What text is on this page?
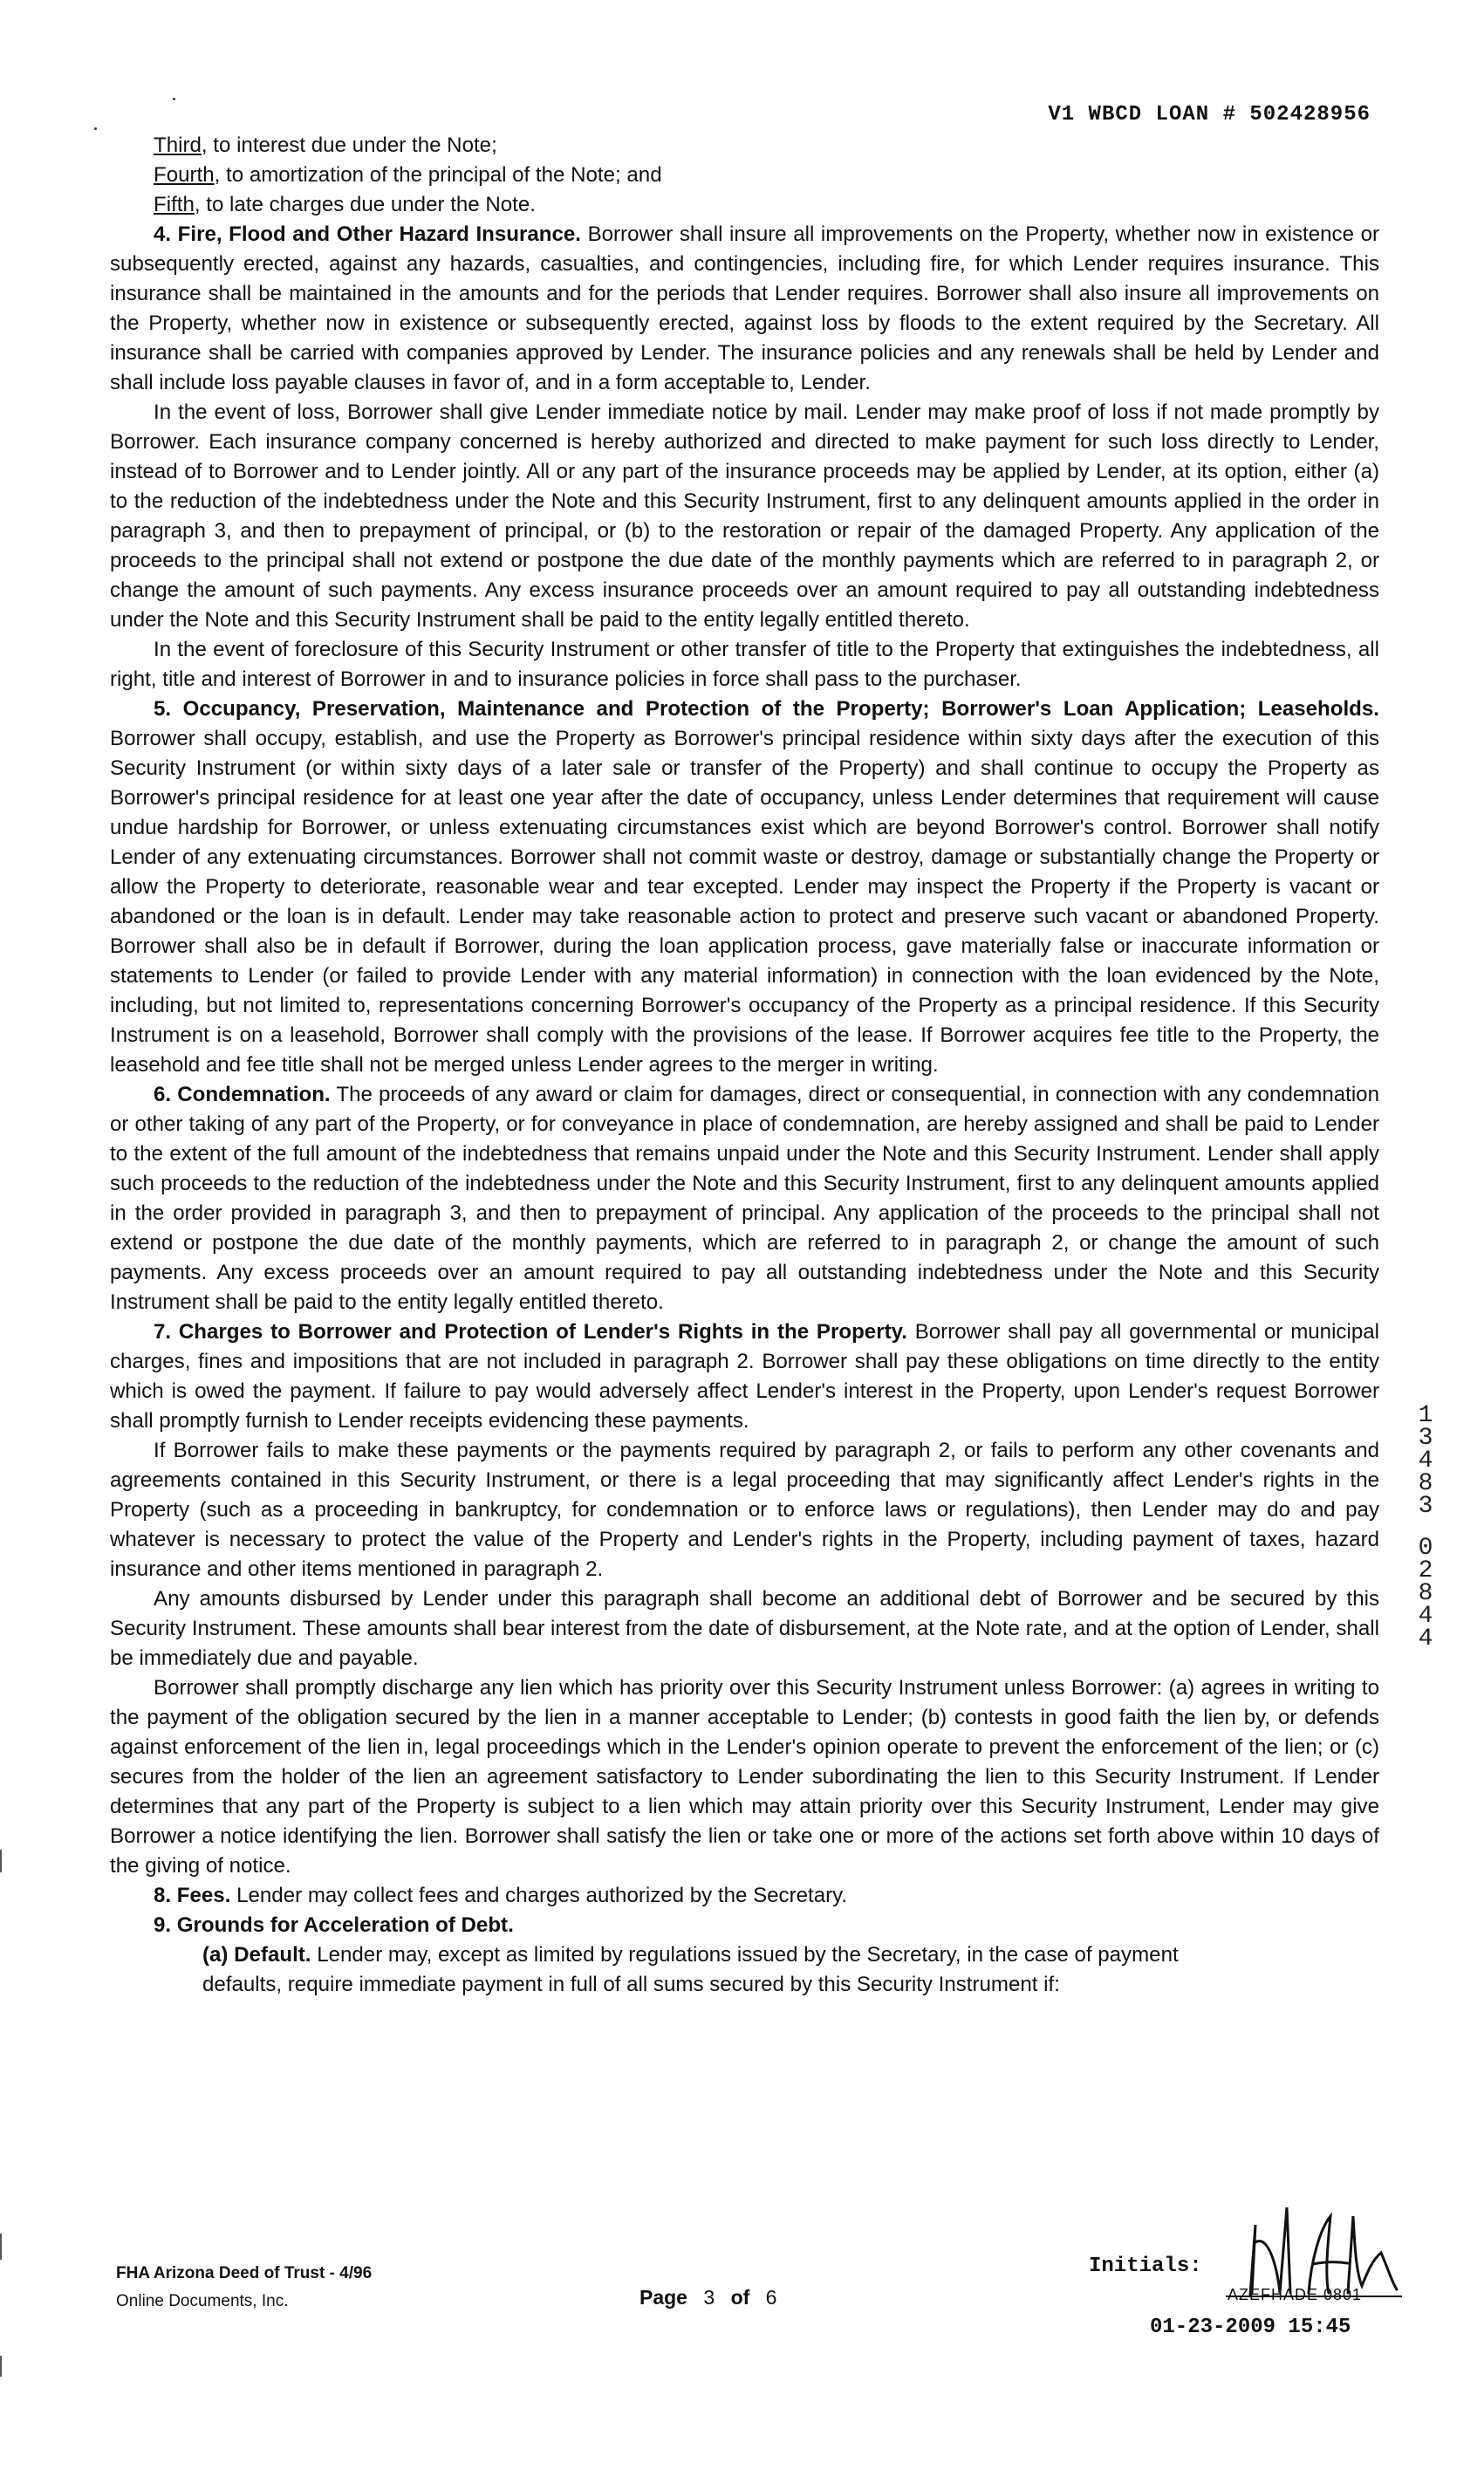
V1 WBCD LOAN # 502428956

Third, to interest due under the Note;

Fourth, to amortization of the principal of the Note; and

Fifth, to late charges due under the Note.

4. Fire, Flood and Other Hazard Insurance. Borrower shall insure all improvements on the Property, whether now in existence or subsequently erected, against any hazards, casualties, and contingencies, including fire, for which Lender requires insurance. This insurance shall be maintained in the amounts and for the periods that Lender requires. Borrower shall also insure all improvements on the Property, whether now in existence or subsequently erected, against loss by floods to the extent required by the Secretary. All insurance shall be carried with companies approved by Lender. The insurance policies and any renewals shall be held by Lender and shall include loss payable clauses in favor of, and in a form acceptable to, Lender.

In the event of loss, Borrower shall give Lender immediate notice by mail. Lender may make proof of loss if not made promptly by Borrower. Each insurance company concerned is hereby authorized and directed to make payment for such loss directly to Lender, instead of to Borrower and to Lender jointly. All or any part of the insurance proceeds may be applied by Lender, at its option, either (a) to the reduction of the indebtedness under the Note and this Security Instrument, first to any delinquent amounts applied in the order in paragraph 3, and then to prepayment of principal, or (b) to the restoration or repair of the damaged Property. Any application of the proceeds to the principal shall not extend or postpone the due date of the monthly payments which are referred to in paragraph 2, or change the amount of such payments. Any excess insurance proceeds over an amount required to pay all outstanding indebtedness under the Note and this Security Instrument shall be paid to the entity legally entitled thereto.

In the event of foreclosure of this Security Instrument or other transfer of title to the Property that extinguishes the indebtedness, all right, title and interest of Borrower in and to insurance policies in force shall pass to the purchaser.

5. Occupancy, Preservation, Maintenance and Protection of the Property; Borrower's Loan Application; Leaseholds. Borrower shall occupy, establish, and use the Property as Borrower's principal residence within sixty days after the execution of this Security Instrument (or within sixty days of a later sale or transfer of the Property) and shall continue to occupy the Property as Borrower's principal residence for at least one year after the date of occupancy, unless Lender determines that requirement will cause undue hardship for Borrower, or unless extenuating circumstances exist which are beyond Borrower's control. Borrower shall notify Lender of any extenuating circumstances. Borrower shall not commit waste or destroy, damage or substantially change the Property or allow the Property to deteriorate, reasonable wear and tear excepted. Lender may inspect the Property if the Property is vacant or abandoned or the loan is in default. Lender may take reasonable action to protect and preserve such vacant or abandoned Property. Borrower shall also be in default if Borrower, during the loan application process, gave materially false or inaccurate information or statements to Lender (or failed to provide Lender with any material information) in connection with the loan evidenced by the Note, including, but not limited to, representations concerning Borrower's occupancy of the Property as a principal residence. If this Security Instrument is on a leasehold, Borrower shall comply with the provisions of the lease. If Borrower acquires fee title to the Property, the leasehold and fee title shall not be merged unless Lender agrees to the merger in writing.

6. Condemnation. The proceeds of any award or claim for damages, direct or consequential, in connection with any condemnation or other taking of any part of the Property, or for conveyance in place of condemnation, are hereby assigned and shall be paid to Lender to the extent of the full amount of the indebtedness that remains unpaid under the Note and this Security Instrument. Lender shall apply such proceeds to the reduction of the indebtedness under the Note and this Security Instrument, first to any delinquent amounts applied in the order provided in paragraph 3, and then to prepayment of principal. Any application of the proceeds to the principal shall not extend or postpone the due date of the monthly payments, which are referred to in paragraph 2, or change the amount of such payments. Any excess proceeds over an amount required to pay all outstanding indebtedness under the Note and this Security Instrument shall be paid to the entity legally entitled thereto.

7. Charges to Borrower and Protection of Lender's Rights in the Property. Borrower shall pay all governmental or municipal charges, fines and impositions that are not included in paragraph 2. Borrower shall pay these obligations on time directly to the entity which is owed the payment. If failure to pay would adversely affect Lender's interest in the Property, upon Lender's request Borrower shall promptly furnish to Lender receipts evidencing these payments.

If Borrower fails to make these payments or the payments required by paragraph 2, or fails to perform any other covenants and agreements contained in this Security Instrument, or there is a legal proceeding that may significantly affect Lender's rights in the Property (such as a proceeding in bankruptcy, for condemnation or to enforce laws or regulations), then Lender may do and pay whatever is necessary to protect the value of the Property and Lender's rights in the Property, including payment of taxes, hazard insurance and other items mentioned in paragraph 2.

Any amounts disbursed by Lender under this paragraph shall become an additional debt of Borrower and be secured by this Security Instrument. These amounts shall bear interest from the date of disbursement, at the Note rate, and at the option of Lender, shall be immediately due and payable.

Borrower shall promptly discharge any lien which has priority over this Security Instrument unless Borrower: (a) agrees in writing to the payment of the obligation secured by the lien in a manner acceptable to Lender; (b) contests in good faith the lien by, or defends against enforcement of the lien in, legal proceedings which in the Lender's opinion operate to prevent the enforcement of the lien; or (c) secures from the holder of the lien an agreement satisfactory to Lender subordinating the lien to this Security Instrument. If Lender determines that any part of the Property is subject to a lien which may attain priority over this Security Instrument, Lender may give Borrower a notice identifying the lien. Borrower shall satisfy the lien or take one or more of the actions set forth above within 10 days of the giving of notice.

8. Fees. Lender may collect fees and charges authorized by the Secretary.

9. Grounds for Acceleration of Debt.

(a) Default. Lender may, except as limited by regulations issued by the Secretary, in the case of payment

defaults, require immediate payment in full of all sums secured by this Security Instrument if:

1
3
4
8
3
0
2
8
4
4
FHA Arizona Deed of Trust - 4/96
Online Documents, Inc.	Page 3 of 6
Initials:
AZEFHADE 0801
01-23-2009 15:45
